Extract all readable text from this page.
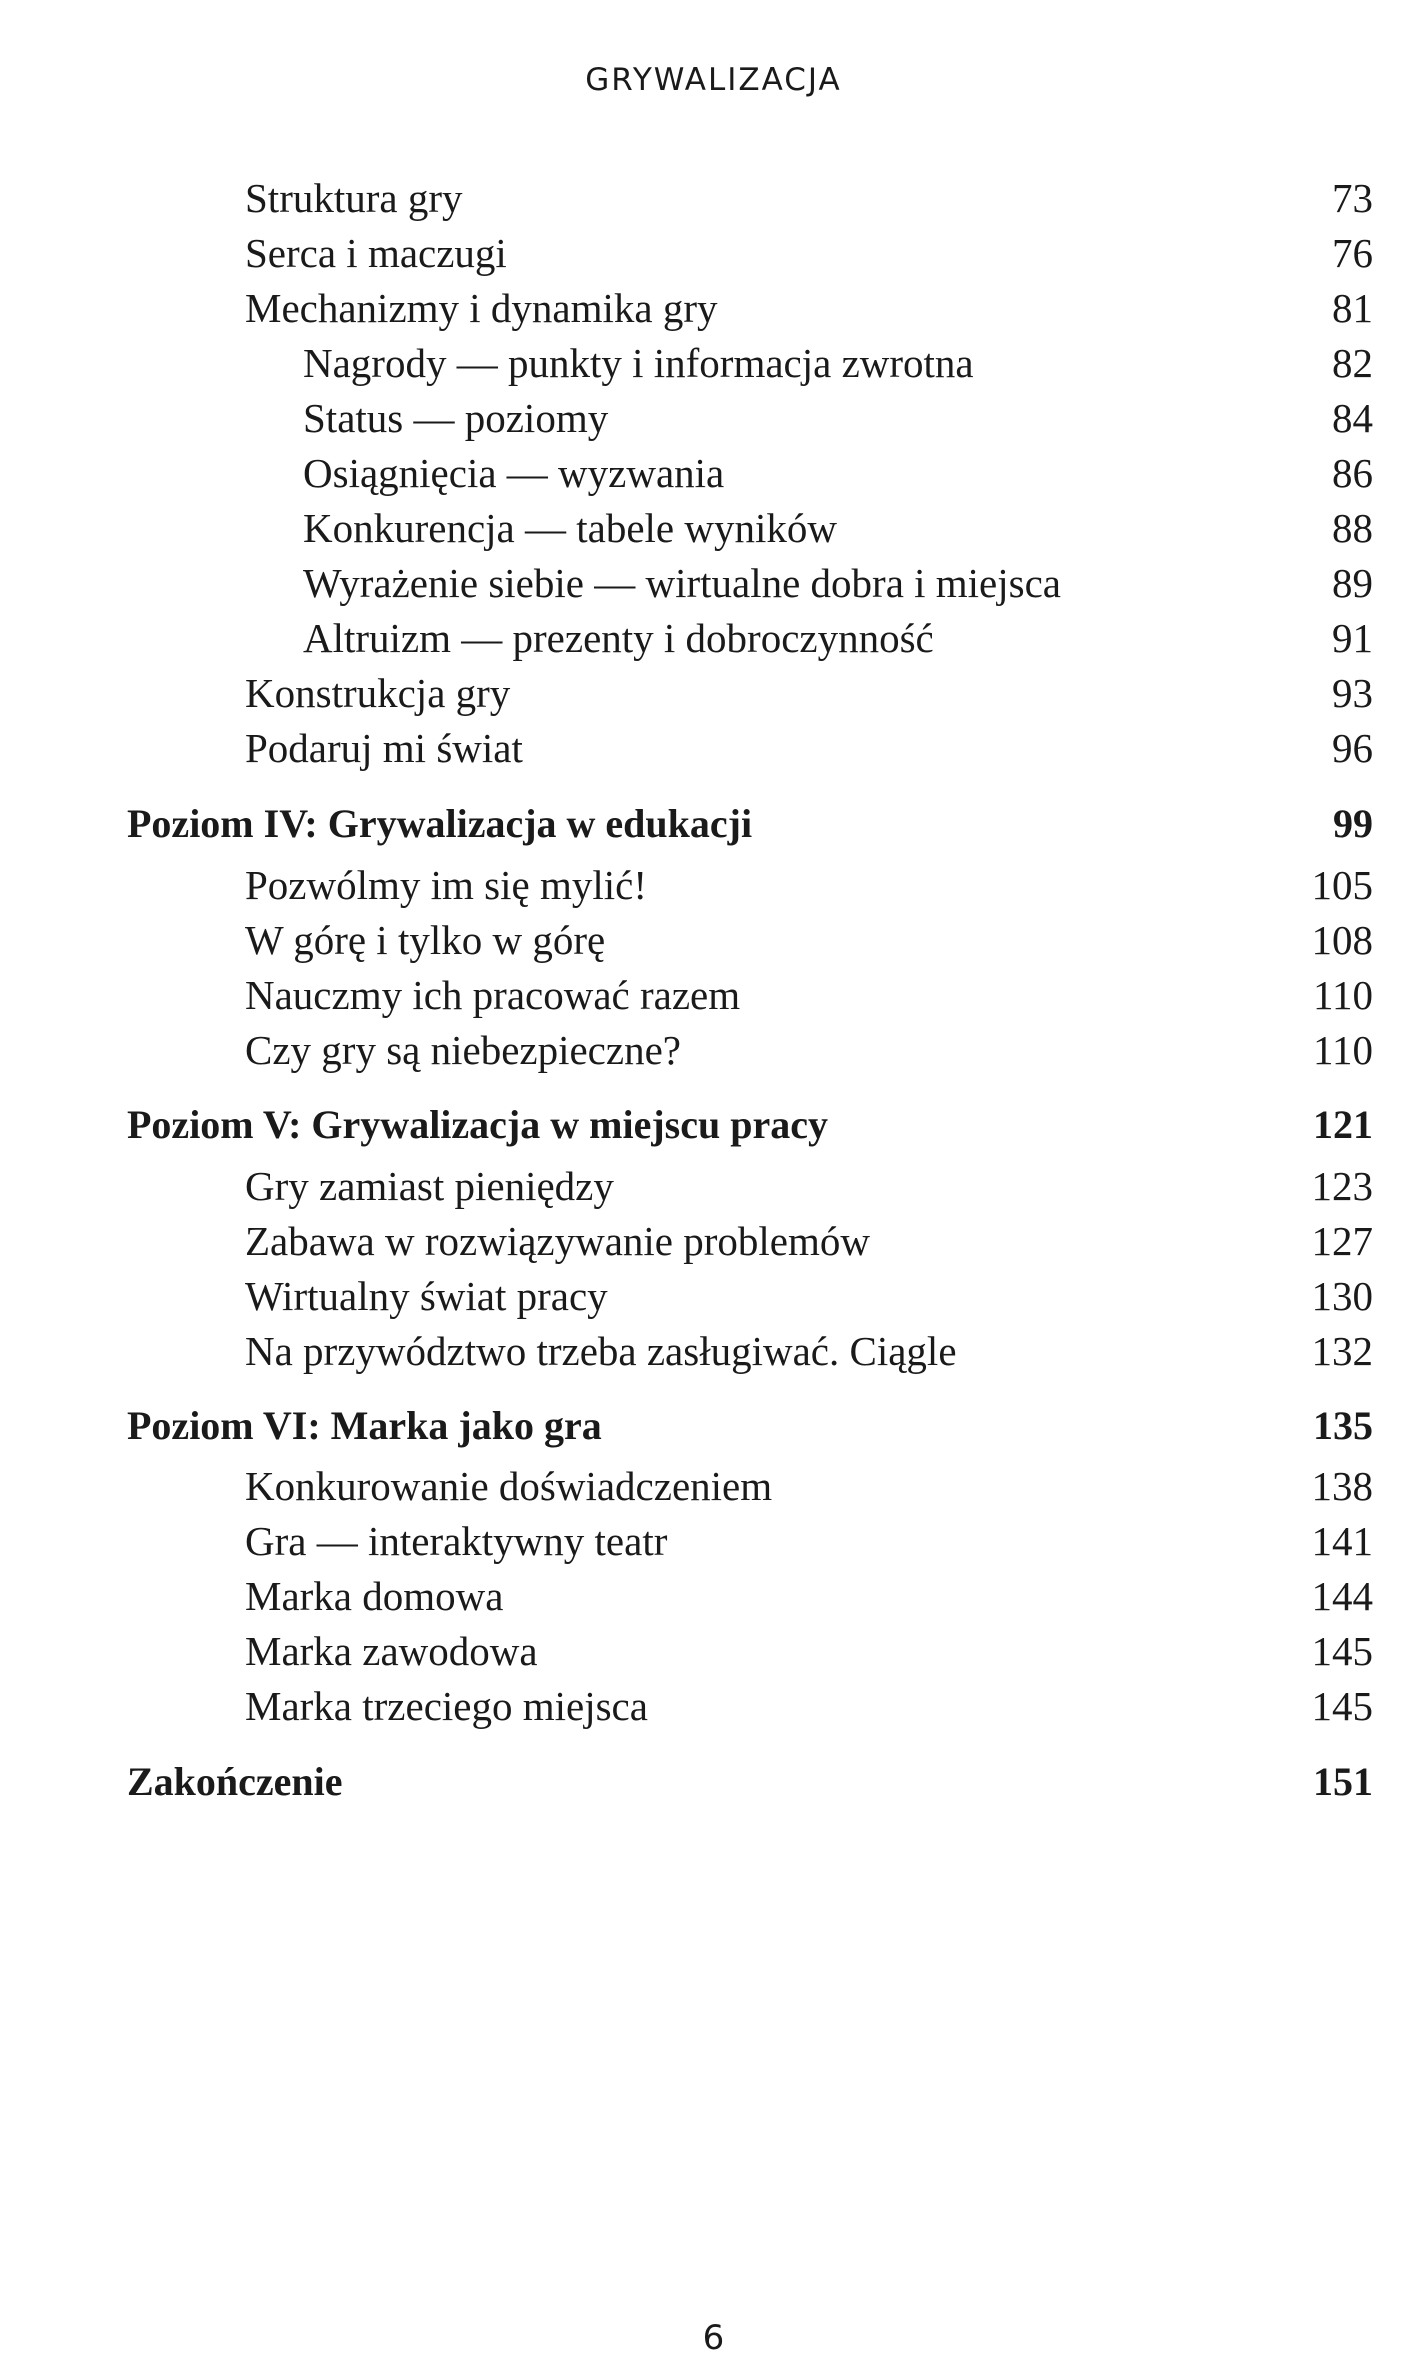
GRYWALIZACJA
Struktura gry	73
Serca i maczugi	76
Mechanizmy i dynamika gry	81
Nagrody — punkty i informacja zwrotna	82
Status — poziomy	84
Osiągnięcia — wyzwania	86
Konkurencja — tabele wyników	88
Wyrażenie siebie — wirtualne dobra i miejsca	89
Altruizm — prezenty i dobroczynność	91
Konstrukcja gry	93
Podaruj mi świat	96
Poziom IV: Grywalizacja w edukacji	99
Pozwólmy im się mylić!	105
W górę i tylko w górę	108
Nauczmy ich pracować razem	110
Czy gry są niebezpieczne?	110
Poziom V: Grywalizacja w miejscu pracy	121
Gry zamiast pieniędzy	123
Zabawa w rozwiązywanie problemów	127
Wirtualny świat pracy	130
Na przywództwo trzeba zasługiwać. Ciągle	132
Poziom VI: Marka jako gra	135
Konkurowanie doświadczeniem	138
Gra — interaktywny teatr	141
Marka domowa	144
Marka zawodowa	145
Marka trzeciego miejsca	145
Zakończenie	151
6
